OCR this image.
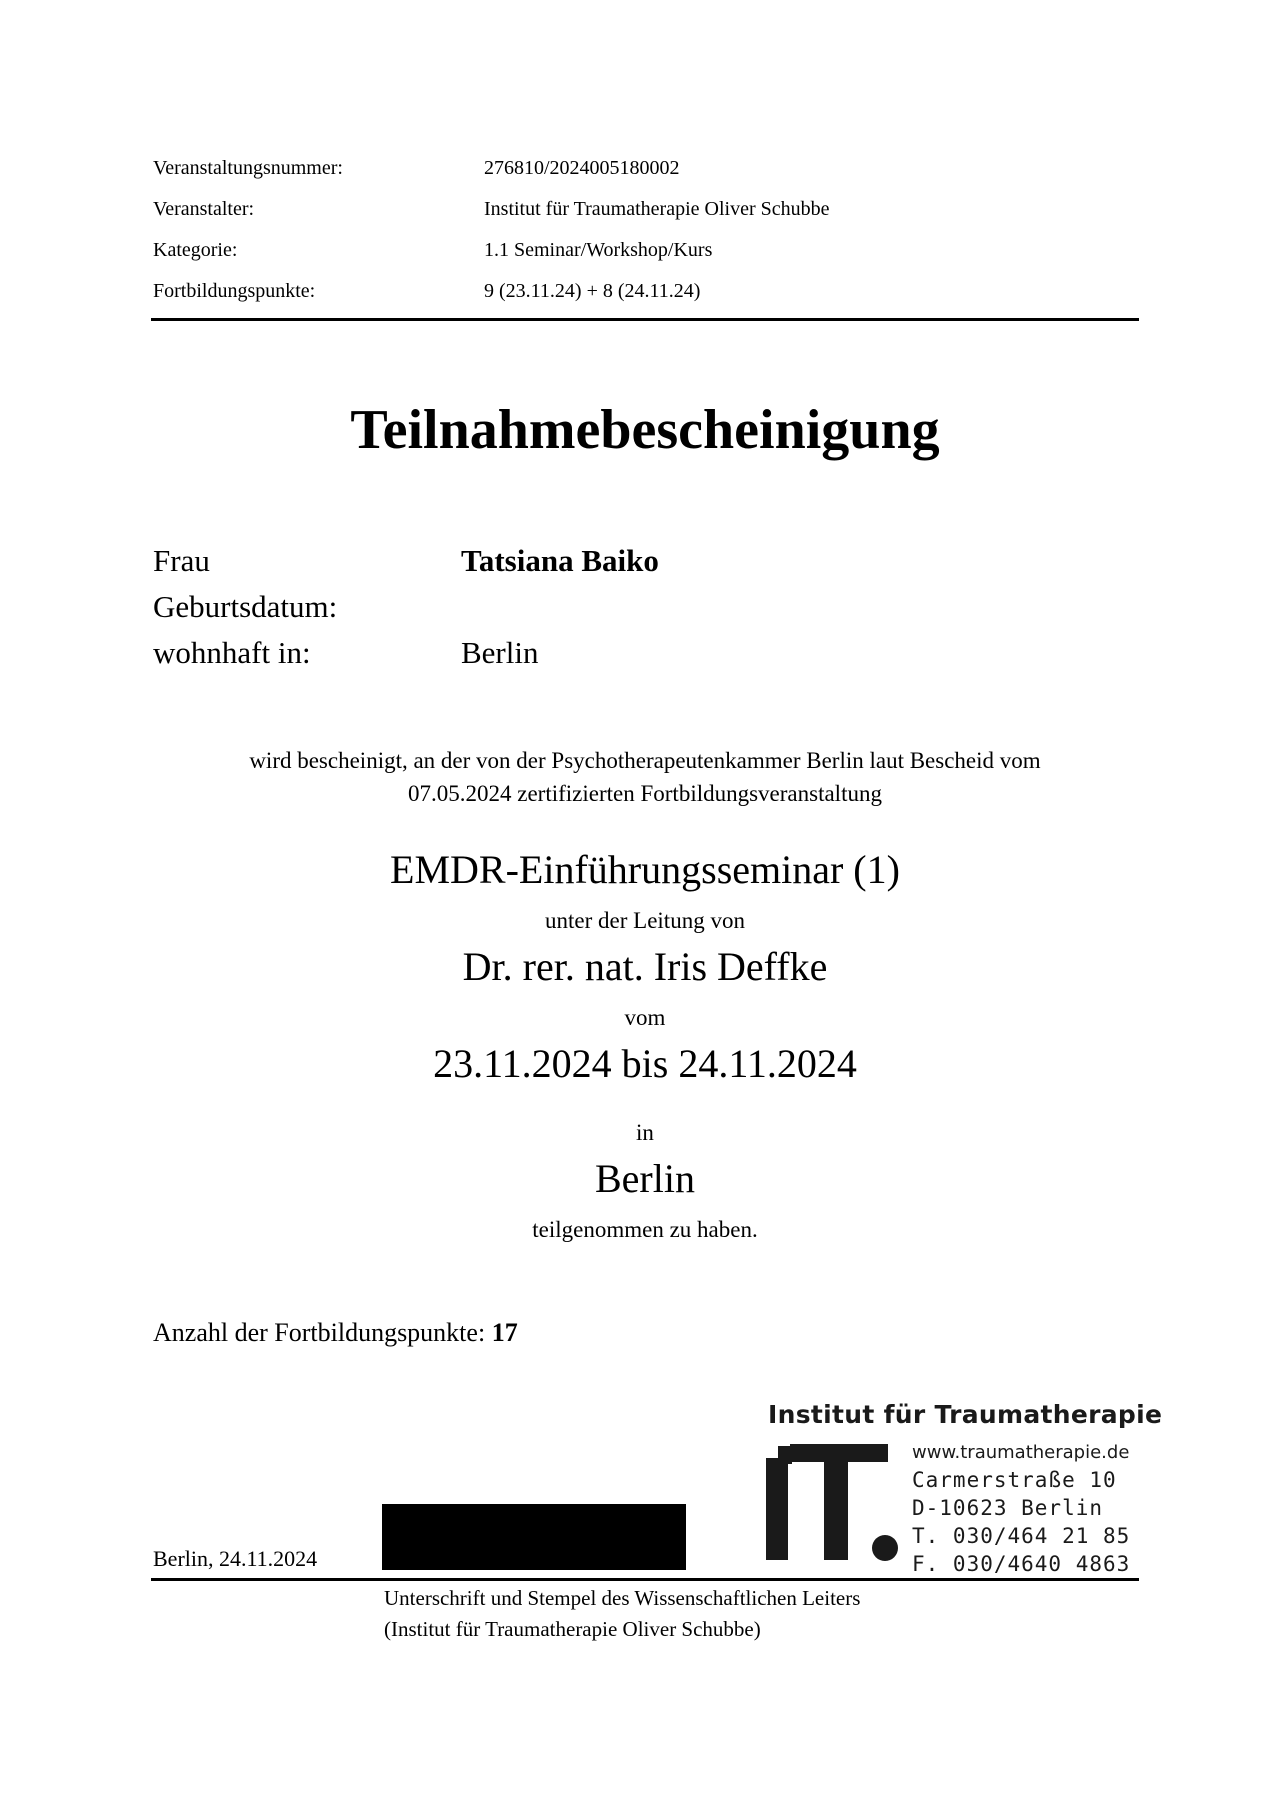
Veranstaltungsnummer:	276810/2024005180002
Veranstalter:	Institut für Traumatherapie Oliver Schubbe
Kategorie:	1.1 Seminar/Workshop/Kurs
Fortbildungspunkte:	9 (23.11.24) + 8 (24.11.24)
Teilnahmebescheinigung
Frau	Tatsiana Baiko
Geburtsdatum:
wohnhaft in:	Berlin
wird bescheinigt, an der von der Psychotherapeutenkammer Berlin laut Bescheid vom
07.05.2024 zertifizierten Fortbildungsveranstaltung
EMDR-Einführungsseminar (1)
unter der Leitung von
Dr. rer. nat. Iris Deffke
vom
23.11.2024 bis 24.11.2024
in
Berlin
teilgenommen zu haben.
Anzahl der Fortbildungspunkte: 17
Berlin, 24.11.2024
Institut für Traumatherapie
www.traumatherapie.de
Carmerstraße 10
D-10623 Berlin
T. 030/464 21 85
F. 030/4640 4863
Unterschrift und Stempel des Wissenschaftlichen Leiters
(Institut für Traumatherapie Oliver Schubbe)
